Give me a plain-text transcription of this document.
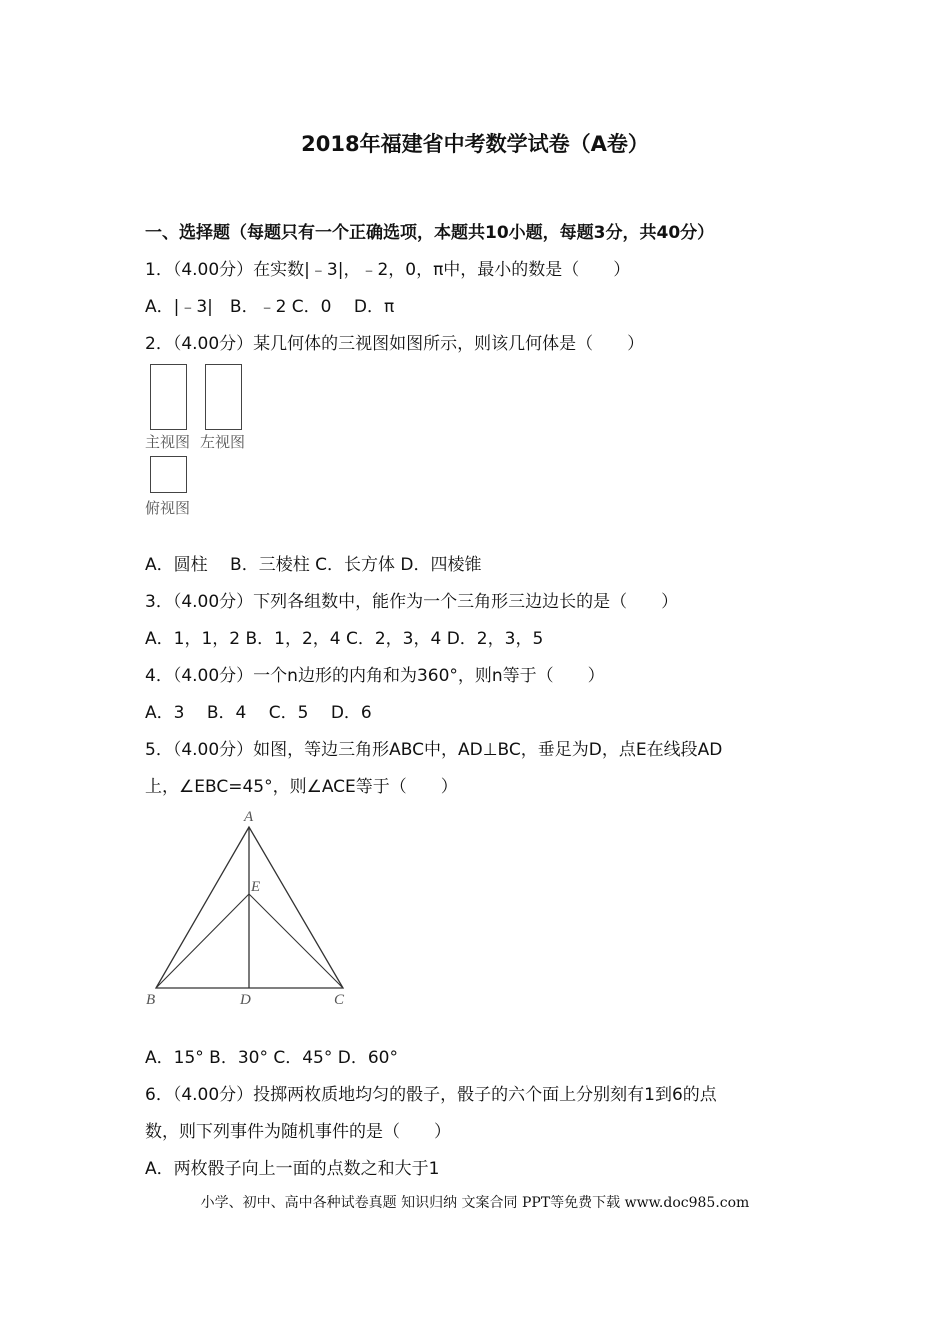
2018年福建省中考数学试卷（A卷）
一、选择题（每题只有一个正确选项，本题共10小题，每题3分，共40分）
1．（4.00分）在实数|﹣3|，﹣2，0，π中，最小的数是（　　）
A．|﹣3|　B．﹣2 C．0　 D．π
2．（4.00分）某几何体的三视图如图所示，则该几何体是（　　）
主视图 左视图
俯视图
A．圆柱　 B．三棱柱 C．长方体 D．四棱锥
3．（4.00分）下列各组数中，能作为一个三角形三边边长的是（　　）
A．1，1，2 B．1，2，4 C．2，3，4 D．2，3，5
4．（4.00分）一个n边形的内角和为360°，则n等于（　　）
A．3　 B．4　 C．5　 D．6
5．（4.00分）如图，等边三角形ABC中，AD⊥BC，垂足为D，点E在线段AD
上，∠EBC=45°，则∠ACE等于（　　）
A
E
B	D	C
A．15° B．30° C．45° D．60°
6．（4.00分）投掷两枚质地均匀的骰子，骰子的六个面上分别刻有1到6的点
数，则下列事件为随机事件的是（　　）
A．两枚骰子向上一面的点数之和大于1
小学、初中、高中各种试卷真题 知识归纳 文案合同 PPT等免费下载 www.doc985.com
